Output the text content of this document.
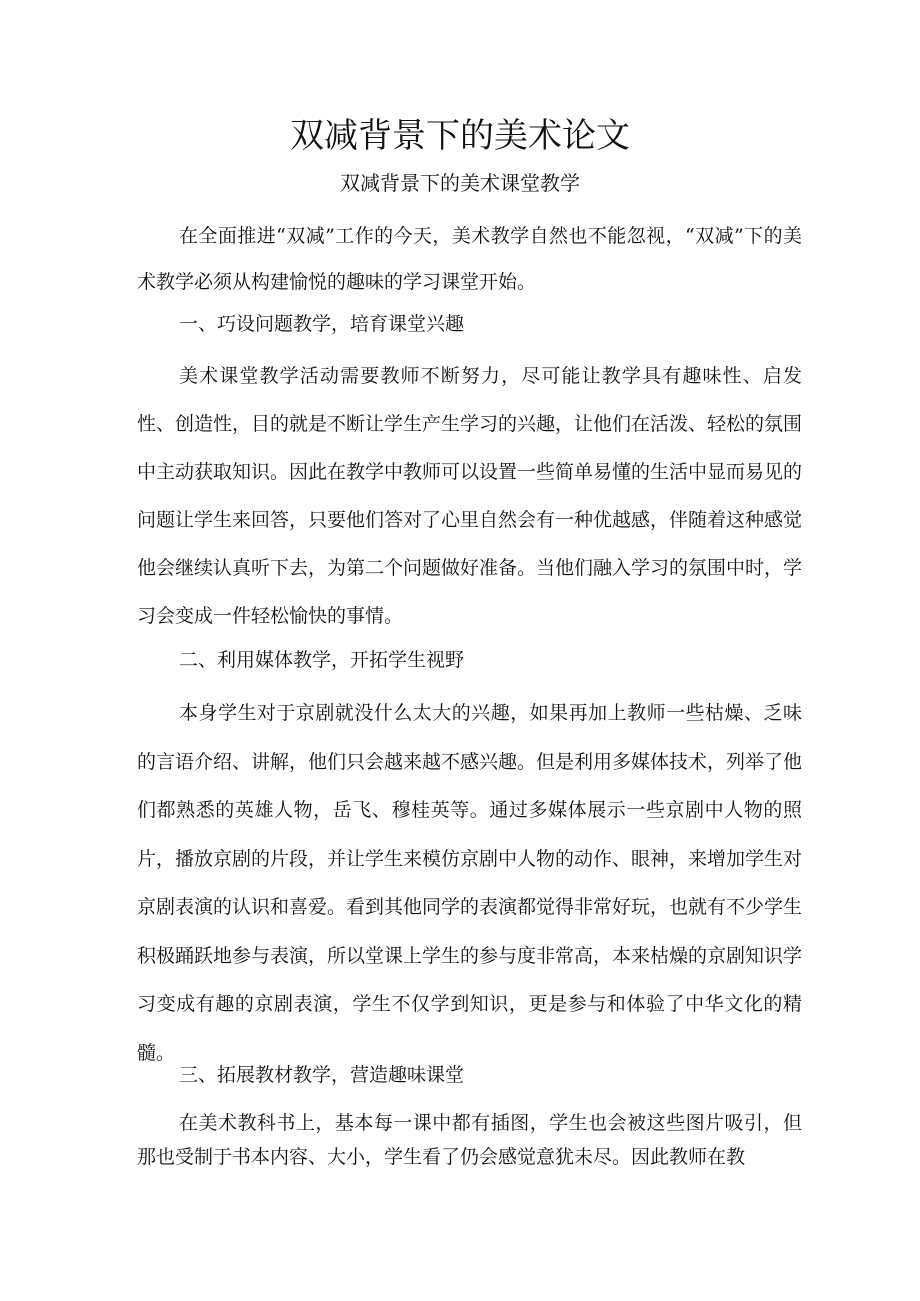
双减背景下的美术论文
双减背景下的美术课堂教学
在全面推进“双减”工作的今天，美术教学自然也不能忽视，“双减”下的美术教学必须从构建愉悦的趣味的学习课堂开始。
一、巧设问题教学，培育课堂兴趣
美术课堂教学活动需要教师不断努力，尽可能让教学具有趣味性、启发性、创造性，目的就是不断让学生产生学习的兴趣，让他们在活泼、轻松的氛围中主动获取知识。因此在教学中教师可以设置一些简单易懂的生活中显而易见的问题让学生来回答，只要他们答对了心里自然会有一种优越感，伴随着这种感觉他会继续认真听下去，为第二个问题做好准备。当他们融入学习的氛围中时，学习会变成一件轻松愉快的事情。
二、利用媒体教学，开拓学生视野
本身学生对于京剧就没什么太大的兴趣，如果再加上教师一些枯燥、乏味的言语介绍、讲解，他们只会越来越不感兴趣。但是利用多媒体技术，列举了他们都熟悉的英雄人物，岳飞、穆桂英等。通过多媒体展示一些京剧中人物的照片，播放京剧的片段，并让学生来模仿京剧中人物的动作、眼神，来增加学生对京剧表演的认识和喜爱。看到其他同学的表演都觉得非常好玩，也就有不少学生积极踊跃地参与表演，所以堂课上学生的参与度非常高，本来枯燥的京剧知识学习变成有趣的京剧表演，学生不仅学到知识，更是参与和体验了中华文化的精髓。
三、拓展教材教学，营造趣味课堂
在美术教科书上，基本每一课中都有插图，学生也会被这些图片吸引，但那也受制于书本内容、大小，学生看了仍会感觉意犹未尽。因此教师在教
